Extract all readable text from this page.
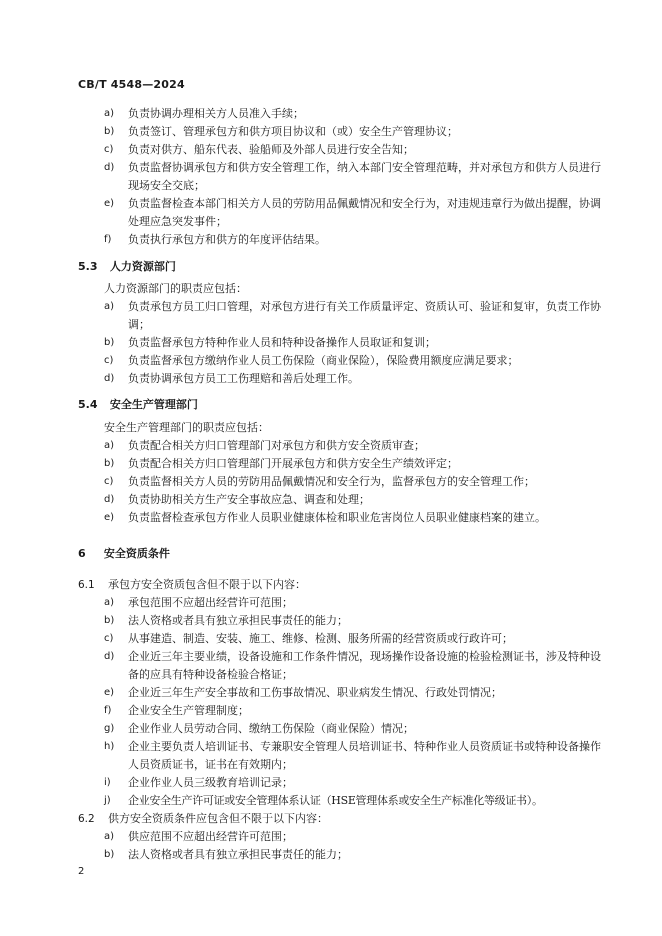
CB/T 4548—2024
a) 负责协调办理相关方人员准入手续；
b) 负责签订、管理承包方和供方项目协议和（或）安全生产管理协议；
c) 负责对供方、船东代表、验船师及外部人员进行安全告知；
d) 负责监督协调承包方和供方安全管理工作，纳入本部门安全管理范畴，并对承包方和供方人员进行现场安全交底；
e) 负责监督检查本部门相关方人员的劳防用品佩戴情况和安全行为，对违规违章行为做出提醒，协调处理应急突发事件；
f) 负责执行承包方和供方的年度评估结果。
5.3 人力资源部门
人力资源部门的职责应包括：
a) 负责承包方员工归口管理，对承包方进行有关工作质量评定、资质认可、验证和复审，负责工作协调；
b) 负责监督承包方特种作业人员和特种设备操作人员取证和复训；
c) 负责监督承包方缴纳作业人员工伤保险（商业保险），保险费用额度应满足要求；
d) 负责协调承包方员工工伤理赔和善后处理工作。
5.4 安全生产管理部门
安全生产管理部门的职责应包括：
a) 负责配合相关方归口管理部门对承包方和供方安全资质审查；
b) 负责配合相关方归口管理部门开展承包方和供方安全生产绩效评定；
c) 负责监督相关方人员的劳防用品佩戴情况和安全行为，监督承包方的安全管理工作；
d) 负责协助相关方生产安全事故应急、调查和处理；
e) 负责监督检查承包方作业人员职业健康体检和职业危害岗位人员职业健康档案的建立。
6 安全资质条件
6.1 承包方安全资质包含但不限于以下内容：
a) 承包范围不应超出经营许可范围；
b) 法人资格或者具有独立承担民事责任的能力；
c) 从事建造、制造、安装、施工、维修、检测、服务所需的经营资质或行政许可；
d) 企业近三年主要业绩，设备设施和工作条件情况，现场操作设备设施的检验检测证书，涉及特种设备的应具有特种设备检验合格证；
e) 企业近三年生产安全事故和工伤事故情况、职业病发生情况、行政处罚情况；
f) 企业安全生产管理制度；
g) 企业作业人员劳动合同、缴纳工伤保险（商业保险）情况；
h) 企业主要负责人培训证书、专兼职安全管理人员培训证书、特种作业人员资质证书或特种设备操作人员资质证书，证书在有效期内；
i) 企业作业人员三级教育培训记录；
j) 企业安全生产许可证或安全管理体系认证（HSE管理体系或安全生产标准化等级证书）。
6.2 供方安全资质条件应包含但不限于以下内容：
a) 供应范围不应超出经营许可范围；
b) 法人资格或者具有独立承担民事责任的能力；
2
